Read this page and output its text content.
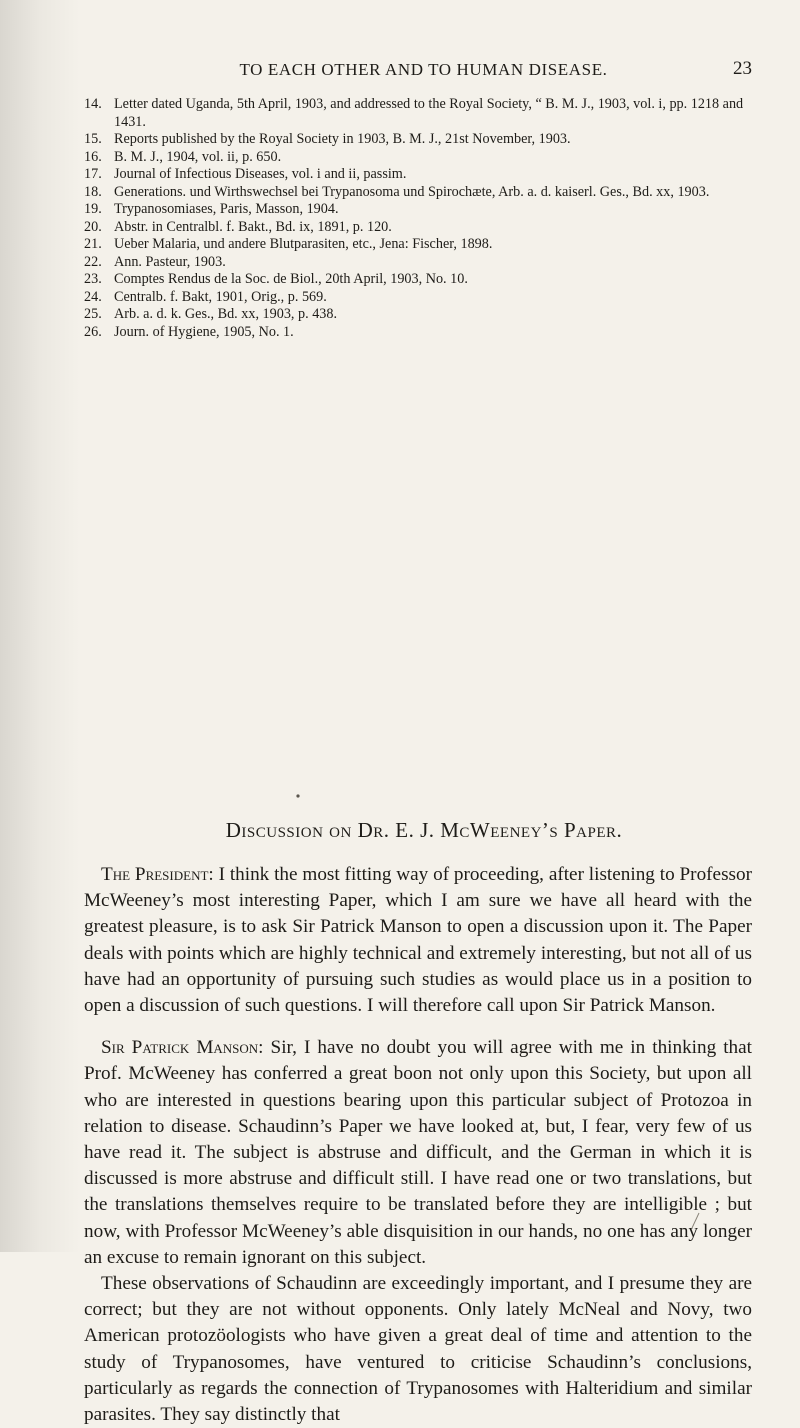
TO EACH OTHER AND TO HUMAN DISEASE.	23
14. Letter dated Uganda, 5th April, 1903, and addressed to the Royal Society, “ B. M. J., 1903, vol. i, pp. 1218 and 1431.
15. Reports published by the Royal Society in 1903, B. M. J., 21st November, 1903.
16. B. M. J., 1904, vol. ii, p. 650.
17. Journal of Infectious Diseases, vol. i and ii, passim.
18. Generations. und Wirthswechsel bei Trypanosoma und Spirochæte, Arb. a. d. kaiserl. Ges., Bd. xx, 1903.
19. Trypanosomiases, Paris, Masson, 1904.
20. Abstr. in Centralbl. f. Bakt., Bd. ix, 1891, p. 120.
21. Ueber Malaria, und andere Blutparasiten, etc., Jena: Fischer, 1898.
22. Ann. Pasteur, 1903.
23. Comptes Rendus de la Soc. de Biol., 20th April, 1903, No. 10.
24. Centralb. f. Bakt, 1901, Orig., p. 569.
25. Arb. a. d. k. Ges., Bd. xx, 1903, p. 438.
26. Journ. of Hygiene, 1905, No. 1.
Discussion on Dr. E. J. McWeeney’s Paper.

The President: I think the most fitting way of proceeding, after listening to Professor McWeeney’s most interesting Paper, which I am sure we have all heard with the greatest pleasure, is to ask Sir Patrick Manson to open a discussion upon it. The Paper deals with points which are highly technical and extremely interesting, but not all of us have had an opportunity of pursuing such studies as would place us in a position to open a discussion of such questions. I will therefore call upon Sir Patrick Manson.

Sir Patrick Manson: Sir, I have no doubt you will agree with me in thinking that Prof. McWeeney has conferred a great boon not only upon this Society, but upon all who are interested in questions bearing upon this particular subject of Protozoa in relation to disease. Schaudinn’s Paper we have looked at, but, I fear, very few of us have read it. The subject is abstruse and difficult, and the German in which it is discussed is more abstruse and difficult still. I have read one or two translations, but the translations themselves require to be translated before they are intelligible ; but now, with Professor McWeeney’s able disquisition in our hands, no one has any longer an excuse to remain ignorant on this subject.

These observations of Schaudinn are exceedingly important, and I presume they are correct; but they are not without opponents. Only lately McNeal and Novy, two American protozöologists who have given a great deal of time and attention to the study of Trypanosomes, have ventured to criticise Schaudinn’s conclusions, particularly as regards the connection of Trypanosomes with Halteridium and similar parasites. They say distinctly that
